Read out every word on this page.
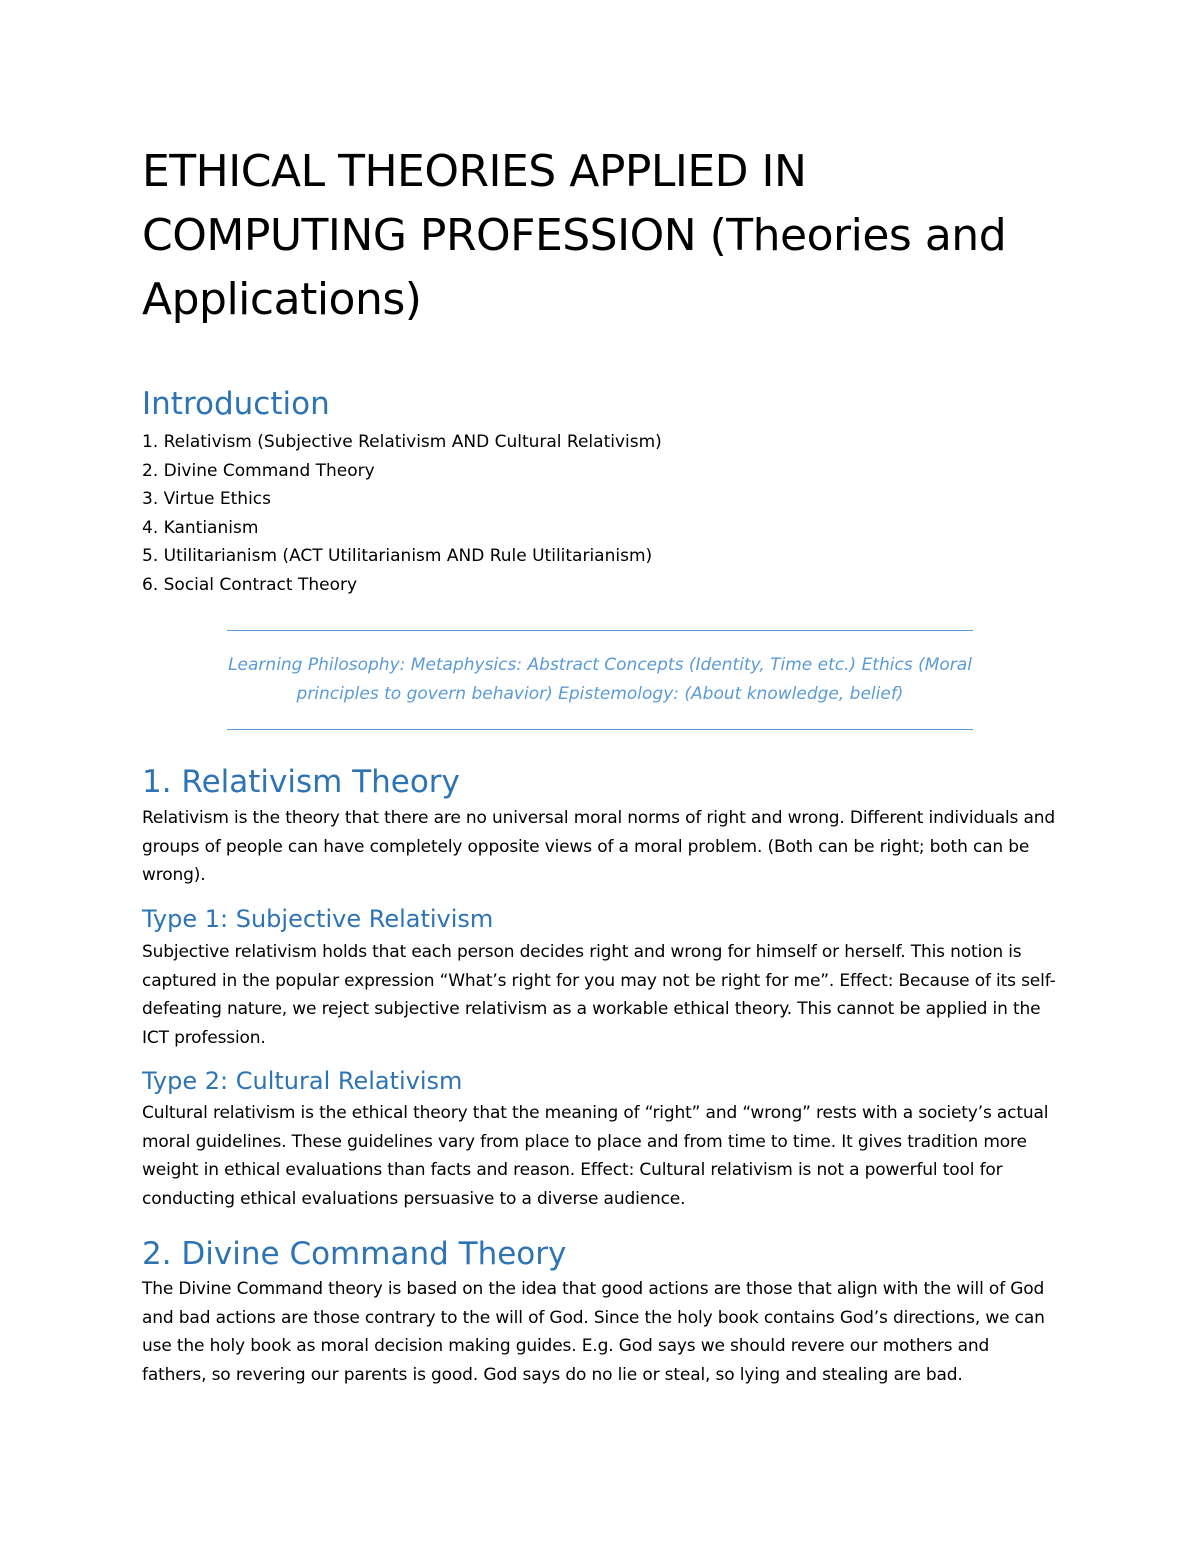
ETHICAL THEORIES APPLIED IN COMPUTING PROFESSION (Theories and Applications)
Introduction
1. Relativism (Subjective Relativism AND Cultural Relativism)
2. Divine Command Theory
3. Virtue Ethics
4. Kantianism
5. Utilitarianism (ACT Utilitarianism AND Rule Utilitarianism)
6. Social Contract Theory
Learning Philosophy: Metaphysics: Abstract Concepts (Identity, Time etc.) Ethics (Moral principles to govern behavior) Epistemology: (About knowledge, belief)
1. Relativism Theory

Relativism is the theory that there are no universal moral norms of right and wrong. Different individuals and groups of people can have completely opposite views of a moral problem. (Both can be right; both can be wrong).

Type 1: Subjective Relativism

Subjective relativism holds that each person decides right and wrong for himself or herself. This notion is captured in the popular expression “What’s right for you may not be right for me”. Effect: Because of its self-defeating nature, we reject subjective relativism as a workable ethical theory. This cannot be applied in the ICT profession.

Type 2: Cultural Relativism

Cultural relativism is the ethical theory that the meaning of “right” and “wrong” rests with a society’s actual moral guidelines. These guidelines vary from place to place and from time to time. It gives tradition more weight in ethical evaluations than facts and reason. Effect: Cultural relativism is not a powerful tool for conducting ethical evaluations persuasive to a diverse audience.

2. Divine Command Theory

The Divine Command theory is based on the idea that good actions are those that align with the will of God and bad actions are those contrary to the will of God. Since the holy book contains God’s directions, we can use the holy book as moral decision making guides. E.g. God says we should revere our mothers and fathers, so revering our parents is good. God says do no lie or steal, so lying and stealing are bad.
